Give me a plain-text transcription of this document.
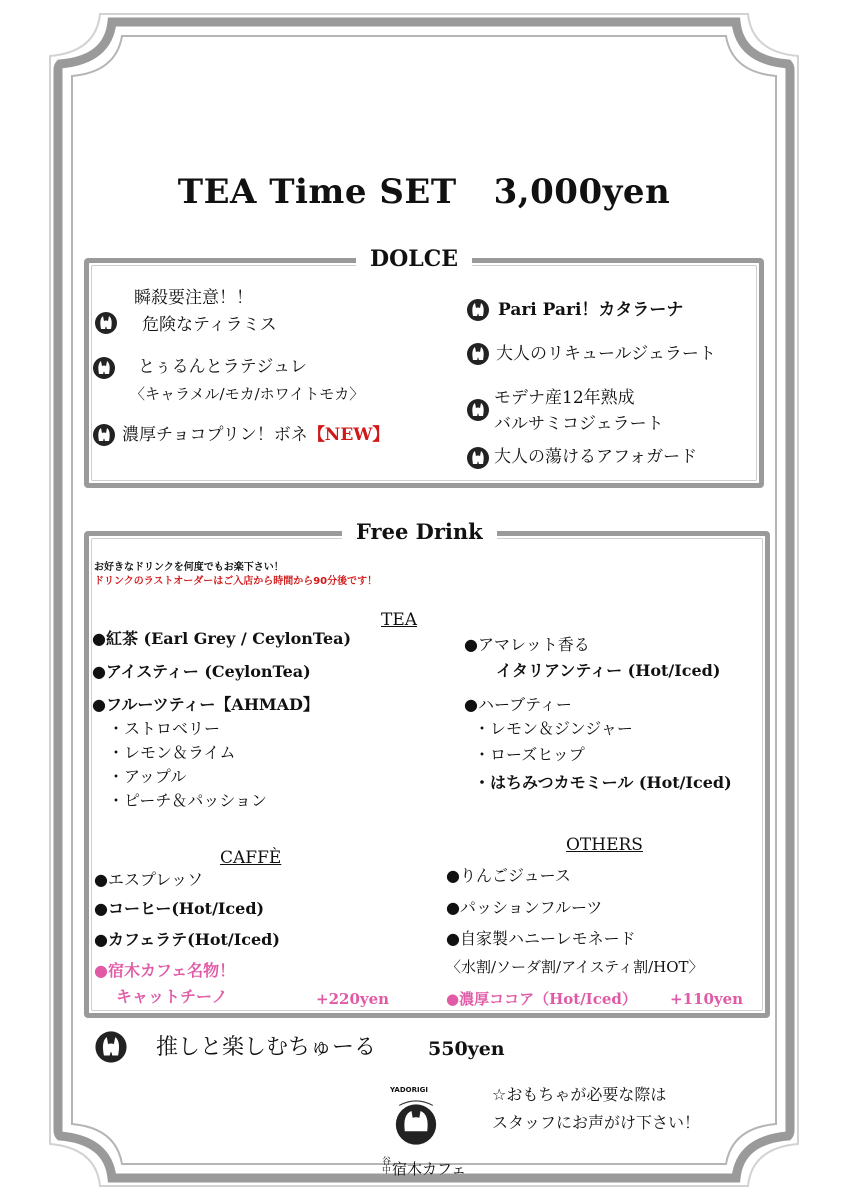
TEA Time SET   3,000yen
DOLCE
瞬殺要注意！！
危険なティラミス
とぅるんとラテジュレ
〈キャラメル/モカ/ホワイトモカ〉
濃厚チョコプリン！ボネ【NEW】
Pari Pari！カタラーナ
大人のリキュールジェラート
モデナ産12年熟成
バルサミコジェラート
大人の蕩けるアフォガード
Free Drink
お好きなドリンクを何度でもお楽下さい！
ドリンクのラストオーダーはご入店から時間から90分後です！
TEA
●紅茶 (Earl Grey / CeylonTea)
●アイスティー (CeylonTea)
●フルーツティー【AHMAD】
・ストロベリー
・レモン＆ライム
・アップル
・ピーチ＆パッション
●アマレット香る
イタリアンティー (Hot/Iced)
●ハーブティー
・レモン＆ジンジャー
・ローズヒップ
・はちみつカモミール (Hot/Iced)
CAFFÈ
●エスプレッソ
●コーヒー(Hot/Iced)
●カフェラテ(Hot/Iced)
●宿木カフェ名物！
キャットチーノ	+220yen
OTHERS
●りんごジュース
●パッションフルーツ
●自家製ハニーレモネード
〈水割/ソーダ割/アイスティ割/HOT〉
●濃厚ココア（Hot/Iced） +110yen
推しと楽しむちゅーる	550yen
YADORIGI
谷中 宿木カフェ
☆おもちゃが必要な際は
スタッフにお声がけ下さい！
